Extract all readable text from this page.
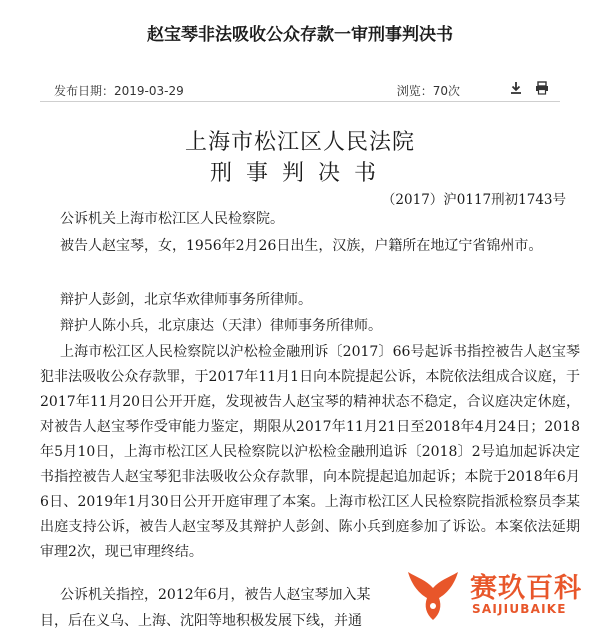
赵宝琴非法吸收公众存款一审刑事判决书
发布日期：2019-03-29	浏览：70次
上海市松江区人民法院
刑事判决书
（2017）沪0117刑初1743号
公诉机关上海市松江区人民检察院。
被告人赵宝琴，女，1956年2月26日出生，汉族，户籍所在地辽宁省锦州市。
辩护人彭剑，北京华欢律师事务所律师。
辩护人陈小兵，北京康达（天津）律师事务所律师。
上海市松江区人民检察院以沪松检金融刑诉〔2017〕66号起诉书指控被告人赵宝琴犯非法吸收公众存款罪，于2017年11月1日向本院提起公诉，本院依法组成合议庭，于2017年11月20日公开开庭，发现被告人赵宝琴的精神状态不稳定，合议庭决定休庭，对被告人赵宝琴作受审能力鉴定，期限从2017年11月21日至2018年4月24日；2018年5月10日，上海市松江区人民检察院以沪松检金融刑追诉〔2018〕2号追加起诉决定书指控被告人赵宝琴犯非法吸收公众存款罪，向本院提起追加起诉；本院于2018年6月6日、2019年1月30日公开开庭审理了本案。上海市松江区人民检察院指派检察员李某出庭支持公诉，被告人赵宝琴及其辩护人彭剑、陈小兵到庭参加了诉讼。本案依法延期审理2次，现已审理终结。
公诉机关指控，2012年6月，被告人赵宝琴加入某
目，后在义乌、上海、沈阳等地积极发展下线，并通
赛玖百科
SAIJIUBAIKE
